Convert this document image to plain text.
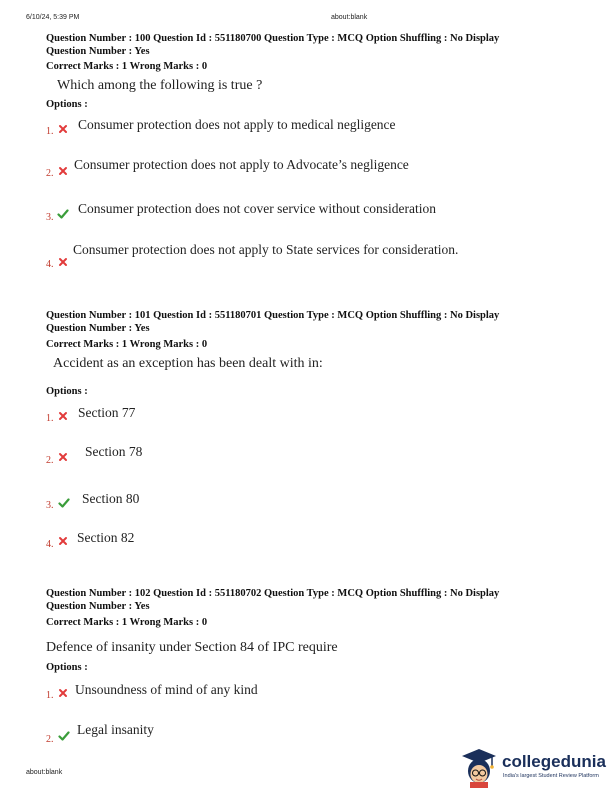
6/10/24, 5:39 PM	about:blank
Question Number : 100 Question Id : 551180700 Question Type : MCQ Option Shuffling : No Display
Question Number : Yes
Correct Marks : 1 Wrong Marks : 0
Which among the following is true ?
Options :
1. Consumer protection does not apply to medical negligence
2.
Consumer protection does not apply to Advocate’s negligence
3.
Consumer protection does not cover service without consideration
4.
Consumer protection does not apply to State services for consideration.
Question Number : 101 Question Id : 551180701 Question Type : MCQ Option Shuffling : No Display
Question Number : Yes
Correct Marks : 1 Wrong Marks : 0
Accident as an exception has been dealt with in:
Options :
1. Section 77
2.
Section 78
3. Section 80
4. Section 82
Question Number : 102 Question Id : 551180702 Question Type : MCQ Option Shuffling : No Display
Question Number : Yes
Correct Marks : 1 Wrong Marks : 0
Defence of insanity under Section 84 of IPC require
Options :
1. Unsoundness of mind of any kind
2.
Legal insanity
about:blank
collegedunia
India's largest Student Review Platform
